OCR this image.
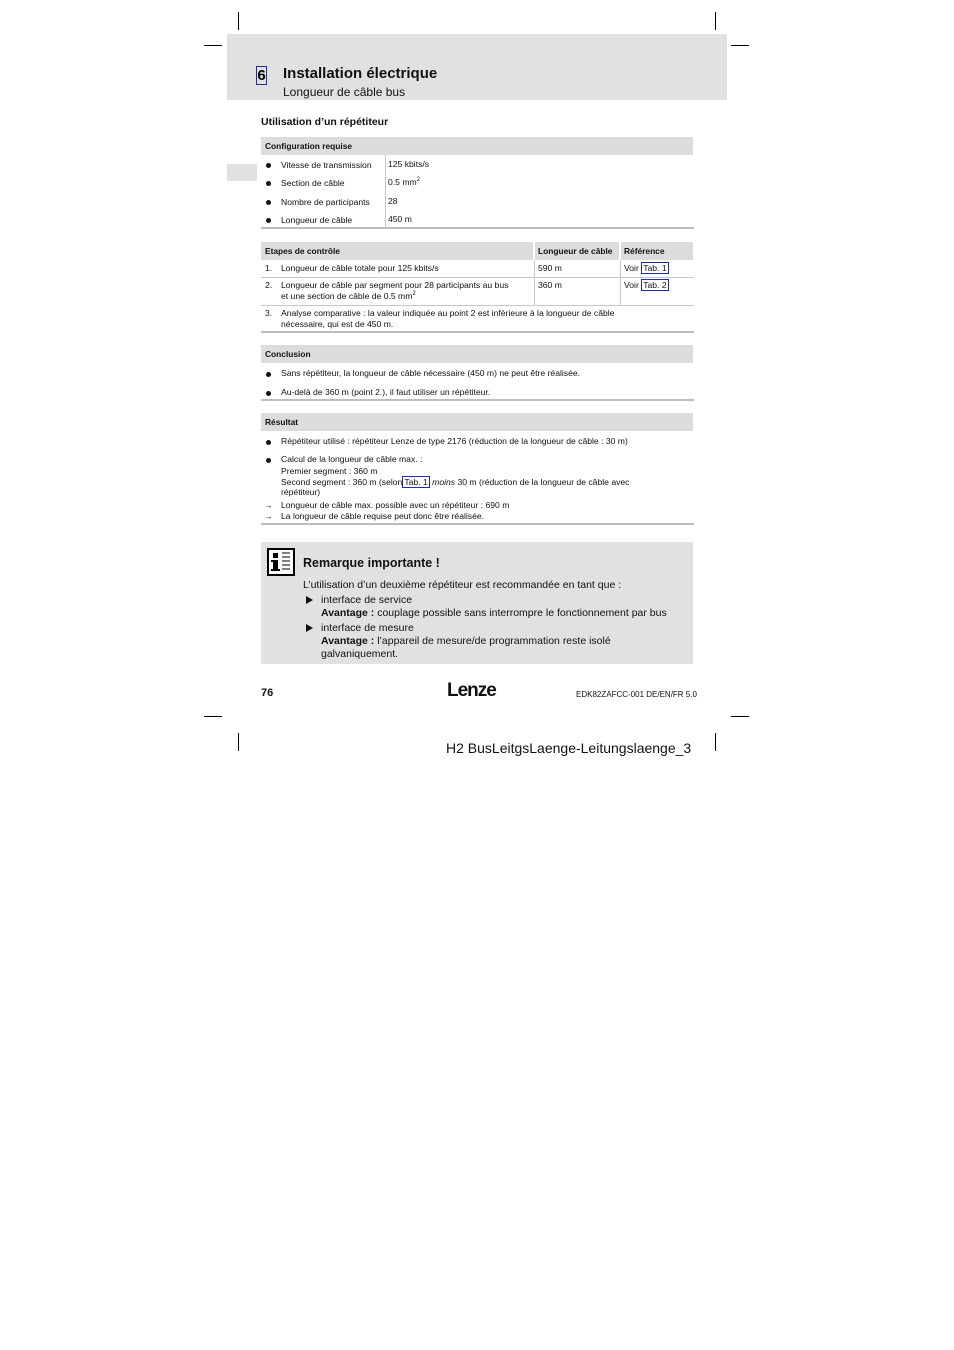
6 Installation électrique
Longueur de câble bus
Utilisation d’un répétiteur
Configuration requise
Vitesse de transmission 125 kbits/s
Section de câble	0.5 $mm^2$
Nombre de participants 28
Longueur de câble	450 m
Etapes de contrôle	Longueur de câble	Référence
1. Longueur de câble totale pour 125 kbits/s	590 m	Voir Tab. 1
2. Longueur de câble par segment pour 28 participants au bus
et une section de câble de 0.5 $mm^2$
360 m	Voir Tab. 2
3. Analyse comparative : la valeur indiquée au point 2 est inférieure à la longueur de câble
nécessaire, qui est de 450 m.
Conclusion
Sans répétiteur, la longueur de câble nécessaire (450 m) ne peut être réalisée.
Au-delà de 360 m (point 2.), il faut utiliser un répétiteur.
Résultat
Répétiteur utilisé : répétiteur Lenze de type 2176 (réduction de la longueur de câble : 30 m)
Calcul de la longueur de câble max. :
Premier segment : 360 m
Second segment : 360 m (selon Tab. 1 moins 30 m (réduction de la longueur de câble avec
répétiteur)
→ Longueur de câble max. possible avec un répétiteur : 690 m
→ La longueur de câble requise peut donc être réalisée.
Remarque importante !
L’utilisation d’un deuxième répétiteur est recommandée en tant que :
interface de service
Avantage : couplage possible sans interrompre le fonctionnement par bus
interface de mesure
Avantage : l’appareil de mesure/de programmation reste isolé
galvaniquement.
76	Lenze	EDK82ZAFCC-001 DE/EN/FR 5.0
H2 BusLeitgsLaenge-Leitungslaenge_3
